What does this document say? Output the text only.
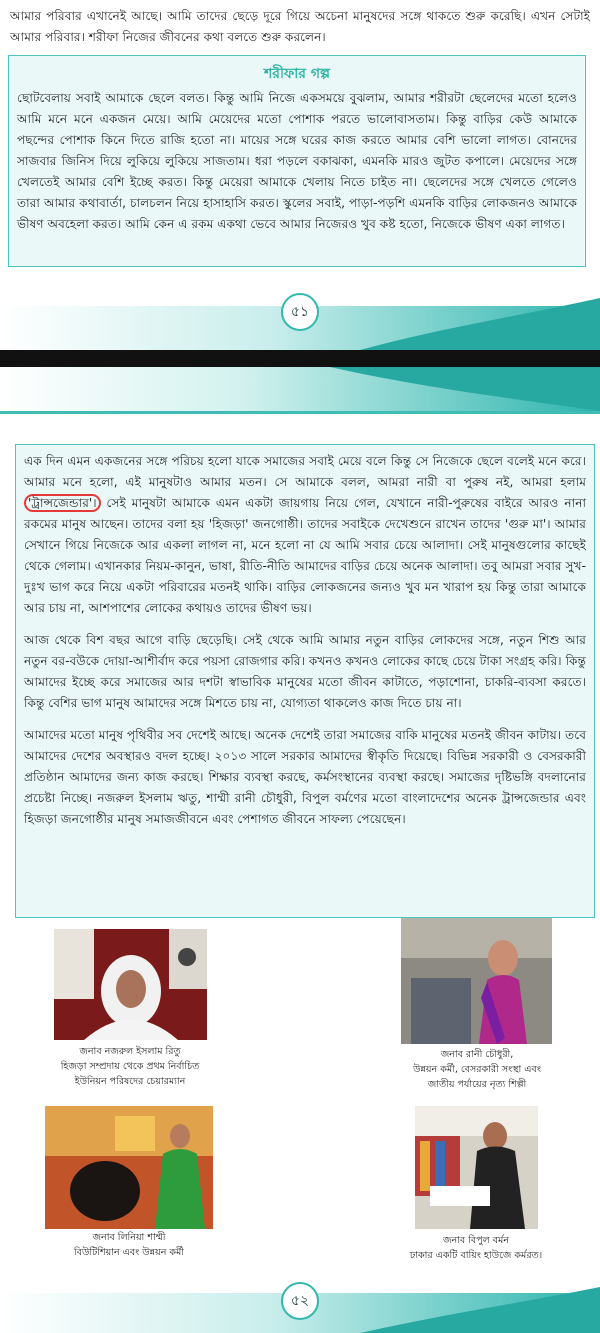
আমার পরিবার এখানেই আছে। আমি তাদের ছেড়ে দূরে গিয়ে অচেনা মানুষদের সঙ্গে থাকতে শুরু করেছি। এখন সেটাই আমার পরিবার। শরীফা নিজের জীবনের কথা বলতে শুরু করলেন।

শরীফার গল্প

ছোটবেলায় সবাই আমাকে ছেলে বলত। কিন্তু আমি নিজে একসময়ে বুঝলাম, আমার শরীরটা ছেলেদের মতো হলেও আমি মনে মনে একজন মেয়ে। আমি মেয়েদের মতো পোশাক পরতে ভালোবাসতাম। কিন্তু বাড়ির কেউ আমাকে পছন্দের পোশাক কিনে দিতে রাজি হতো না। মায়ের সঙ্গে ঘরের কাজ করতে আমার বেশি ভালো লাগত। বোনদের সাজবার জিনিস দিয়ে লুকিয়ে লুকিয়ে সাজতাম। ধরা পড়লে বকাঝকা, এমনকি মারও জুটত কপালে। মেয়েদের সঙ্গে খেলতেই আমার বেশি ইচ্ছে করত। কিন্তু মেয়েরা আমাকে খেলায় নিতে চাইত না। ছেলেদের সঙ্গে খেলতে গেলেও তারা আমার কথাবার্তা, চালচলন নিয়ে হাসাহাসি করত। স্কুলের সবাই, পাড়া-পড়শি এমনকি বাড়ির লোকজনও আমাকে ভীষণ অবহেলা করত। আমি কেন এ রকম একথা ভেবে আমার নিজেরও খুব কষ্ট হতো, নিজেকে ভীষণ একা লাগত।

৫১

এক দিন এমন একজনের সঙ্গে পরিচয় হলো যাকে সমাজের সবাই মেয়ে বলে কিন্তু সে নিজেকে ছেলে বলেই মনে করে। আমার মনে হলো, এই মানুষটাও আমার মতন। সে আমাকে বলল, আমরা নারী বা পুরুষ নই, আমরা হলাম 'ট্রান্সজেন্ডার'। সেই মানুষটা আমাকে এমন একটা জায়গায় নিয়ে গেল, যেখানে নারী-পুরুষের বাইরে আরও নানা রকমের মানুষ আছেন। তাদের বলা হয় 'হিজড়া' জনগোষ্ঠী। তাদের সবাইকে দেখেশুনে রাখেন তাদের 'গুরু মা'। আমার সেখানে গিয়ে নিজেকে আর একলা লাগল না, মনে হলো না যে আমি সবার চেয়ে আলাদা। সেই মানুষগুলোর কাছেই থেকে গেলাম। এখানকার নিয়ম-কানুন, ভাষা, রীতি-নীতি আমাদের বাড়ির চেয়ে অনেক আলাদা। তবু আমরা সবার সুখ-দুঃখ ভাগ করে নিয়ে একটা পরিবারের মতনই থাকি। বাড়ির লোকজনের জন্যও খুব মন খারাপ হয় কিন্তু তারা আমাকে আর চায় না, আশপাশের লোকের কথায়ও তাদের ভীষণ ভয়।

আজ থেকে বিশ বছর আগে বাড়ি ছেড়েছি। সেই থেকে আমি আমার নতুন বাড়ির লোকদের সঙ্গে, নতুন শিশু আর নতুন বর-বউকে দোয়া-আশীর্বাদ করে পয়সা রোজগার করি। কখনও কখনও লোকের কাছে চেয়ে টাকা সংগ্রহ করি। কিন্তু আমাদের ইচ্ছে করে সমাজের আর দশটা স্বাভাবিক মানুষের মতো জীবন কাটাতে, পড়াশোনা, চাকরি-ব্যবসা করতে। কিন্তু বেশির ভাগ মানুষ আমাদের সঙ্গে মিশতে চায় না, যোগ্যতা থাকলেও কাজ দিতে চায় না।

আমাদের মতো মানুষ পৃথিবীর সব দেশেই আছে। অনেক দেশেই তারা সমাজের বাকি মানুষের মতনই জীবন কাটায়। তবে আমাদের দেশের অবস্থারও বদল হচ্ছে। ২০১৩ সালে সরকার আমাদের স্বীকৃতি দিয়েছে। বিভিন্ন সরকারী ও বেসরকারী প্রতিষ্ঠান আমাদের জন্য কাজ করছে। শিক্ষার ব্যবস্থা করছে, কর্মসংস্থানের ব্যবস্থা করছে। সমাজের দৃষ্টিভঙ্গি বদলানোর প্রচেষ্টা নিচ্ছে। নজরুল ইসলাম ঋতু, শাম্মী রানী চৌধুরী, বিপুল বর্মণের মতো বাংলাদেশের অনেক ট্রান্সজেন্ডার এবং হিজড়া জনগোষ্ঠীর মানুষ সমাজজীবনে এবং পেশাগত জীবনে সাফল্য পেয়েছেন।

জনাব নজরুল ইসলাম রিতু
হিজড়া সম্প্রদায় থেকে প্রথম নির্বাচিত
ইউনিয়ন পরিষদের চেয়ারম্যান
জনাব রানী চৌধুরী,
উন্নয়ন কর্মী, বেসরকারী সংস্থা এবং
জাতীয় পর্যায়ের নৃত্য শিল্পী
জনাব লিনিয়া শাম্মী
বিউটিশিয়ান এবং উন্নয়ন কর্মী
জনাব বিপুল বর্মন
ঢাকার একটি বায়িং হাউজে কর্মরত।
৫২
